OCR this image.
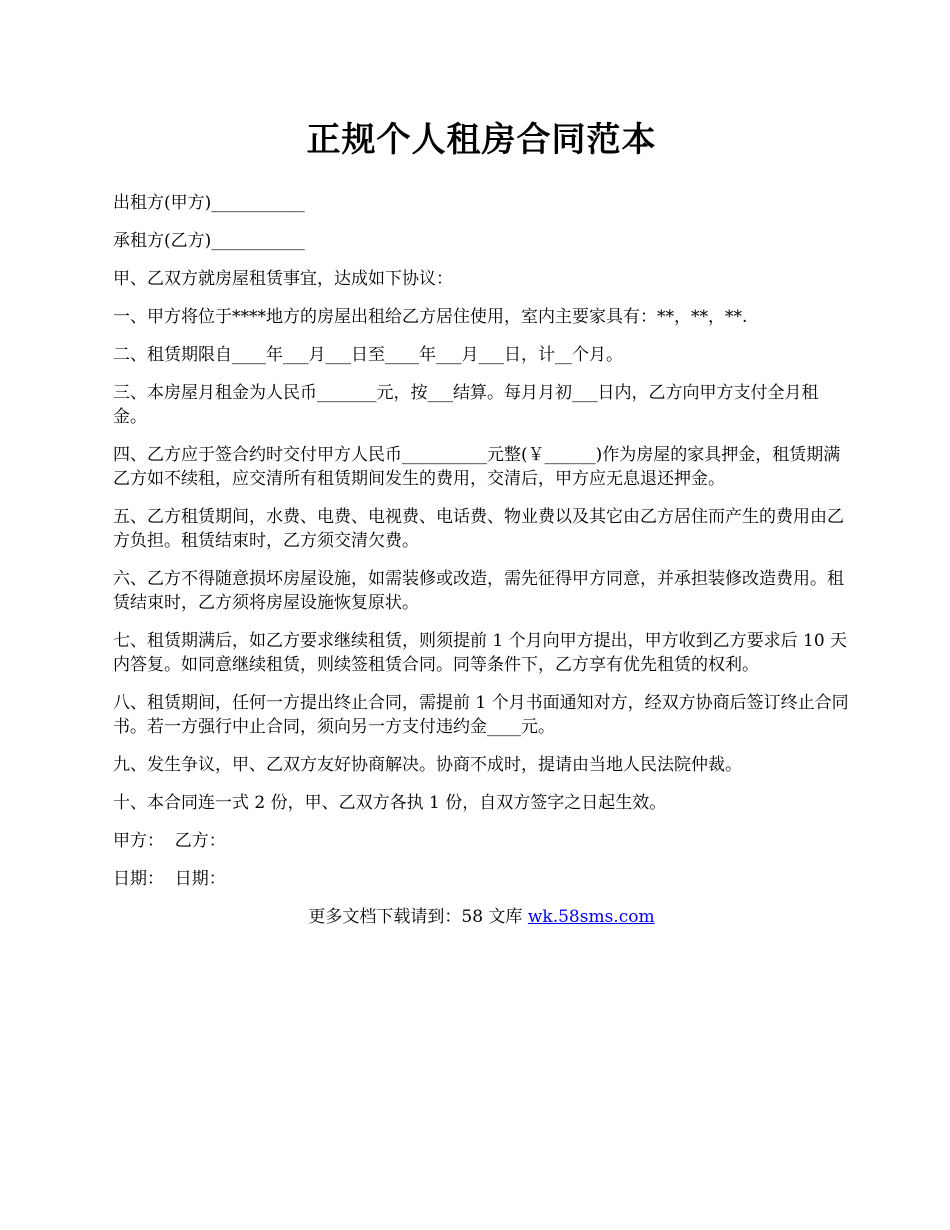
正规个人租房合同范本

出租方(甲方)___________

承租方(乙方)___________

甲、乙双方就房屋租赁事宜，达成如下协议：

一、甲方将位于****地方的房屋出租给乙方居住使用，室内主要家具有：**，**，**.

二、租赁期限自____年___月___日至____年___月___日，计__个月。

三、本房屋月租金为人民币_______元，按___结算。每月月初___日内，乙方向甲方支付全月租金。

四、乙方应于签合约时交付甲方人民币__________元整(￥______)作为房屋的家具押金，租赁期满乙方如不续租，应交清所有租赁期间发生的费用，交清后，甲方应无息退还押金。

五、乙方租赁期间，水费、电费、电视费、电话费、物业费以及其它由乙方居住而产生的费用由乙方负担。租赁结束时，乙方须交清欠费。

六、乙方不得随意损坏房屋设施，如需装修或改造，需先征得甲方同意，并承担装修改造费用。租赁结束时，乙方须将房屋设施恢复原状。

七、租赁期满后，如乙方要求继续租赁，则须提前 1 个月向甲方提出，甲方收到乙方要求后 10 天内答复。如同意继续租赁，则续签租赁合同。同等条件下，乙方享有优先租赁的权利。

八、租赁期间，任何一方提出终止合同，需提前 1 个月书面通知对方，经双方协商后签订终止合同书。若一方强行中止合同，须向另一方支付违约金____元。

九、发生争议，甲、乙双方友好协商解决。协商不成时，提请由当地人民法院仲裁。

十、本合同连一式 2 份，甲、乙双方各执 1 份，自双方签字之日起生效。

甲方：  乙方：

日期：  日期：

更多文档下载请到：58 文库 wk.58sms.com
